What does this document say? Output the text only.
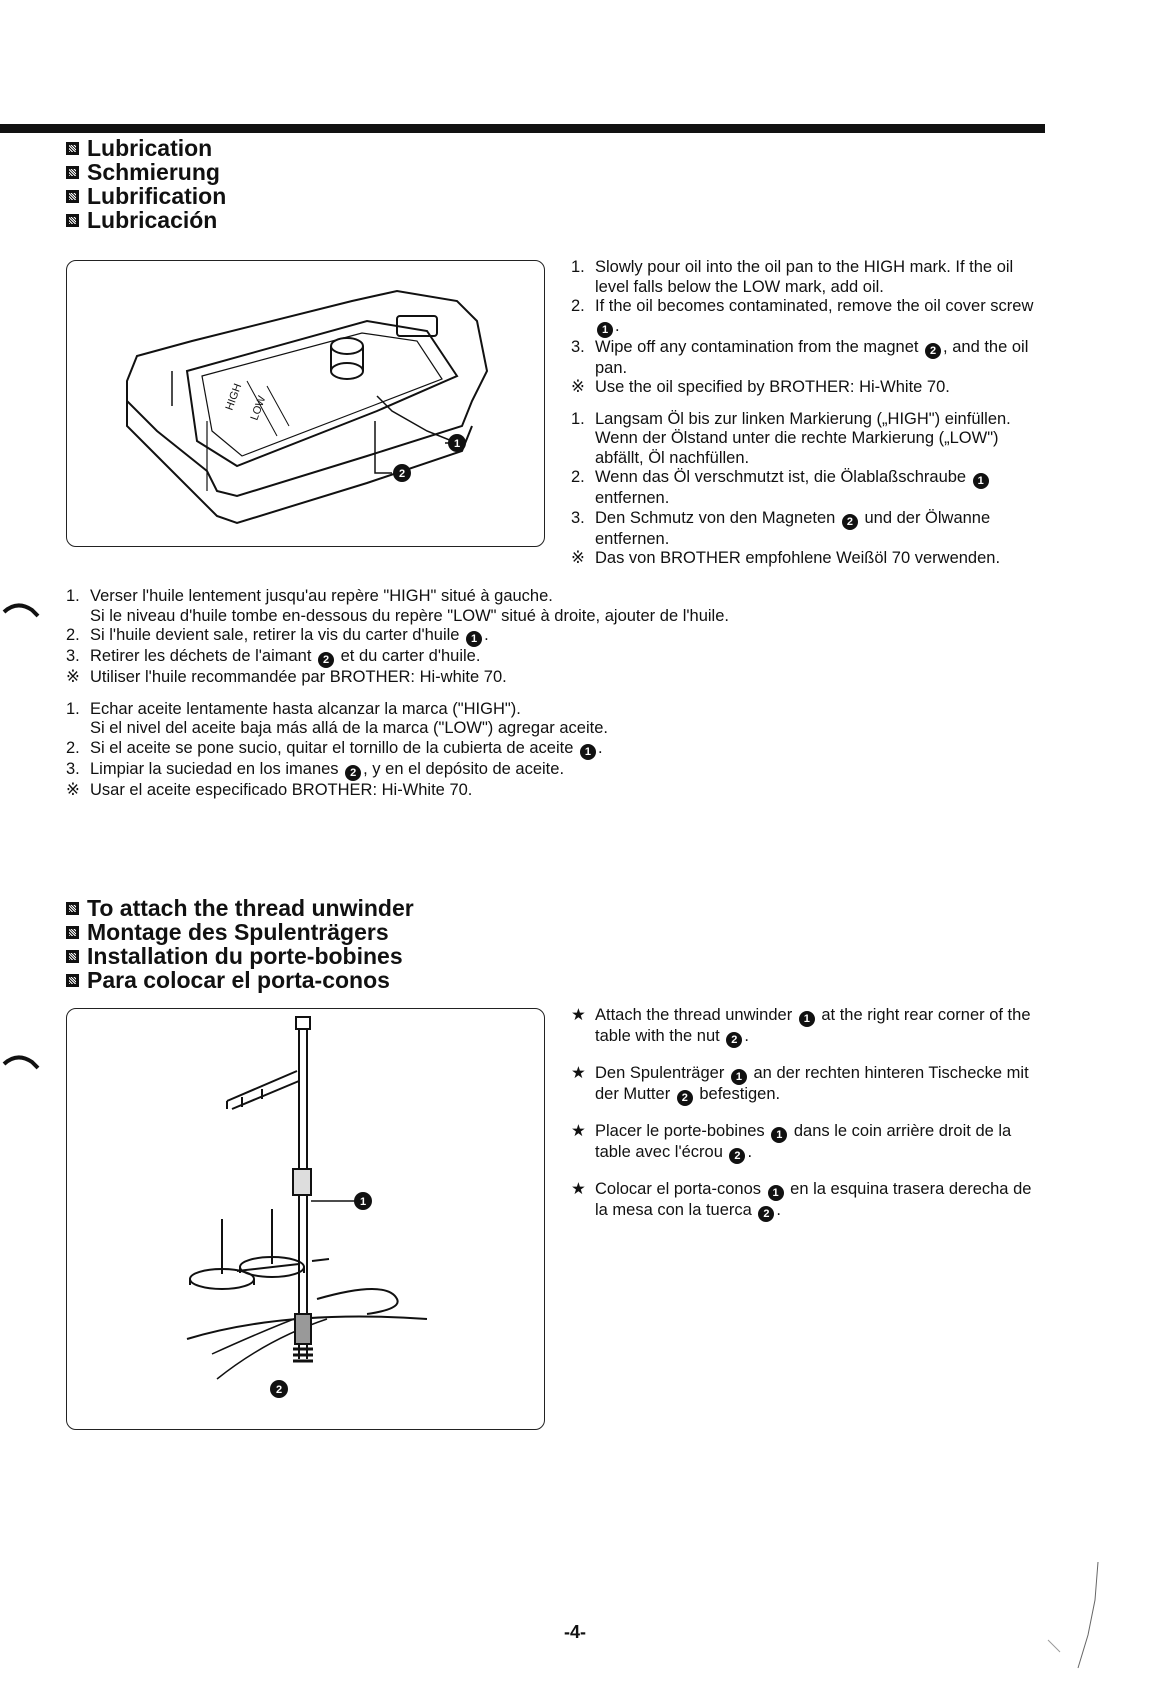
Lubrication
Schmierung
Lubrification
Lubricación
HIGH LOW
1
2
1. Slowly pour oil into the oil pan to the HIGH mark. If the oil level falls below the LOW mark, add oil.
2. If the oil becomes contaminated, remove the oil cover screw 1 .
3. Wipe off any contamination from the magnet 2 , and the oil pan.
※ Use the oil specified by BROTHER: Hi-White 70.
1. Langsam Öl bis zur linken Markierung („HIGH") einfüllen. Wenn der Ölstand unter die rechte Markierung („LOW") abfällt, Öl nachfüllen.
2. Wenn das Öl verschmutzt ist, die Ölablaßschraube 1 entfernen.
3. Den Schmutz von den Magneten 2 und der Ölwanne entfernen.
※ Das von BROTHER empfohlene Weißöl 70 verwenden.
1. Verser l'huile lentement jusqu'au repère "HIGH" situé à gauche.
Si le niveau d'huile tombe en-dessous du repère "LOW" situé à droite, ajouter de l'huile.
2. Si l'huile devient sale, retirer la vis du carter d'huile 1 .
3. Retirer les déchets de l'aimant 2 et du carter d'huile.
※ Utiliser l'huile recommandée par BROTHER: Hi-white 70.
1. Echar aceite lentamente hasta alcanzar la marca ("HIGH").
Si el nivel del aceite baja más allá de la marca ("LOW") agregar aceite.
2. Si el aceite se pone sucio, quitar el tornillo de la cubierta de aceite 1 .
3. Limpiar la suciedad en los imanes 2 , y en el depósito de aceite.
※ Usar el aceite especificado BROTHER: Hi-White 70.
To attach the thread unwinder
Montage des Spulenträgers
Installation du porte-bobines
Para colocar el porta-conos
1
2
★ Attach the thread unwinder 1 at the right rear corner of the table with the nut 2 .
★ Den Spulenträger 1 an der rechten hinteren Tischecke mit der Mutter 2 befestigen.
★ Placer le porte-bobines 1 dans le coin arrière droit de la table avec l'écrou 2 .
★ Colocar el porta-conos 1 en la esquina trasera derecha de la mesa con la tuerca 2 .
-4-
